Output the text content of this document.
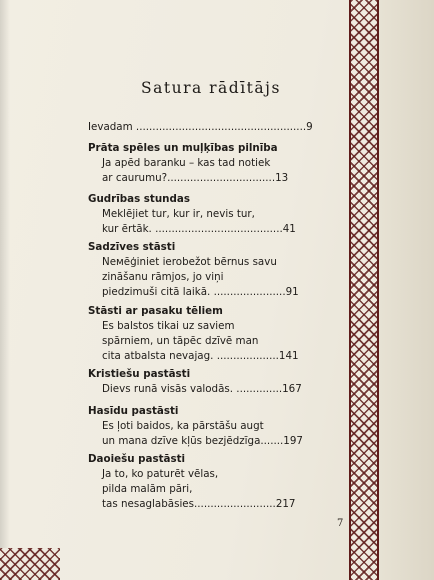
Satura rādītājs
Ievadam ....................................................9
Prāta spēles un muļķības pilnība
Ja apēd baranku – kas tad notiek
ar caurumu?.................................13
Gudrības stundas
Meklējiet tur, kur ir, nevis tur,
kur ērtāk. .......................................41
Sadzīves stāsti
Neмēģiniet ierobežot bērnus savu
zināšanu rāmjos, jo viņi
piedzimuši citā laikā. ......................91
Stāsti ar pasaku tēliem
Es balstos tikai uz saviem
spārniem, un tāpēc dzīvē man
cita atbalsta nevajag. ...................141
Kristiešu pastāsti
Dievs runā visās valodās. ..............167
Hasīdu pastāsti
Es ļoti baidos, ka pārstāšu augt
un mana dzīve kļūs bezjēdzīga.......197
Daoiešu pastāsti
Ja to, ko paturēt vēlas,
pilda malām pāri,
tas nesaglabāsies.........................217
7
